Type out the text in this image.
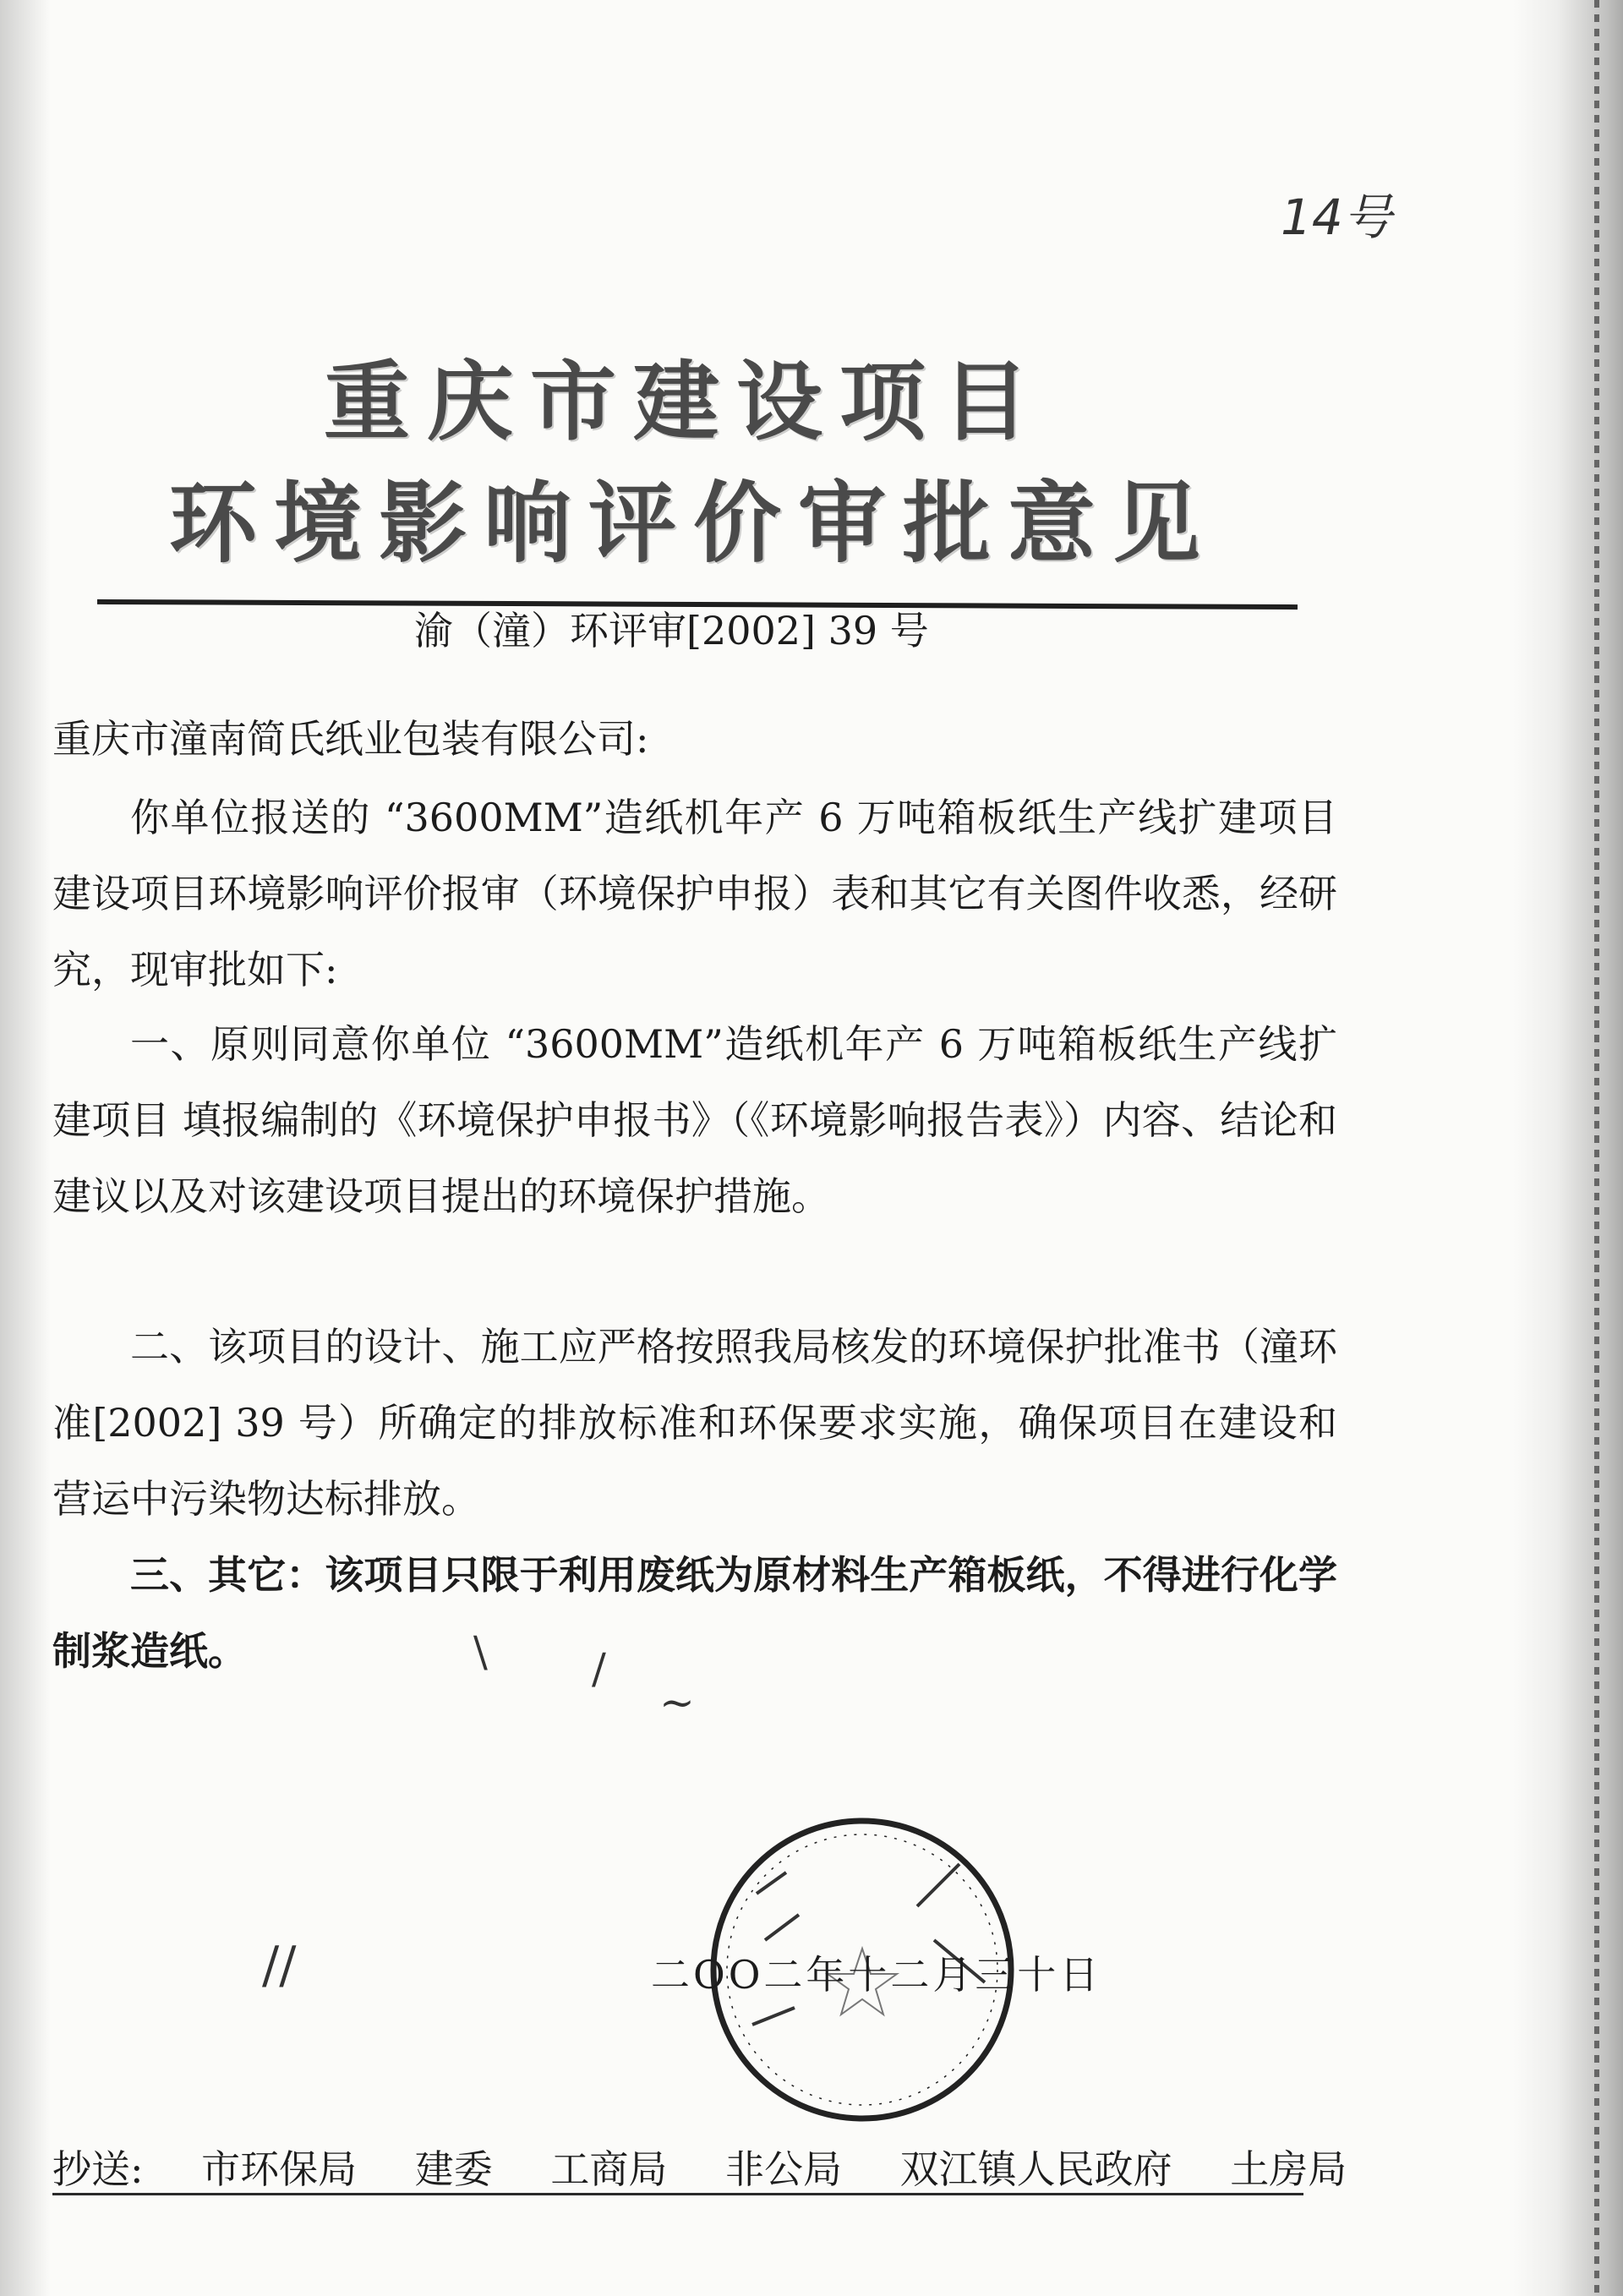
14号
重庆市建设项目
环境影响评价审批意见
渝（潼）环评审[2002] 39 号
重庆市潼南简氏纸业包装有限公司:
你单位报送的 “3600MM”造纸机年产 6 万吨箱板纸生产线扩建项目 建设项目环境影响评价报审（环境保护申报）表和其它有关图件收悉，经研究，现审批如下:
一、原则同意你单位 “3600MM”造纸机年产 6 万吨箱板纸生产线扩建项目 填报编制的《环境保护申报书》（《环境影响报告表》）内容、结论和建议以及对该建设项目提出的环境保护措施。
二、该项目的设计、施工应严格按照我局核发的环境保护批准书（潼环准[2002] 39 号）所确定的排放标准和环保要求实施，确保项目在建设和营运中污染物达标排放。
三、其它：该项目只限于利用废纸为原材料生产箱板纸，不得进行化学制浆造纸。	\ /
~
//	二OO二年十二月三十日
抄送: 市环保局 建委 工商局 非公局 双江镇人民政府 土房局
